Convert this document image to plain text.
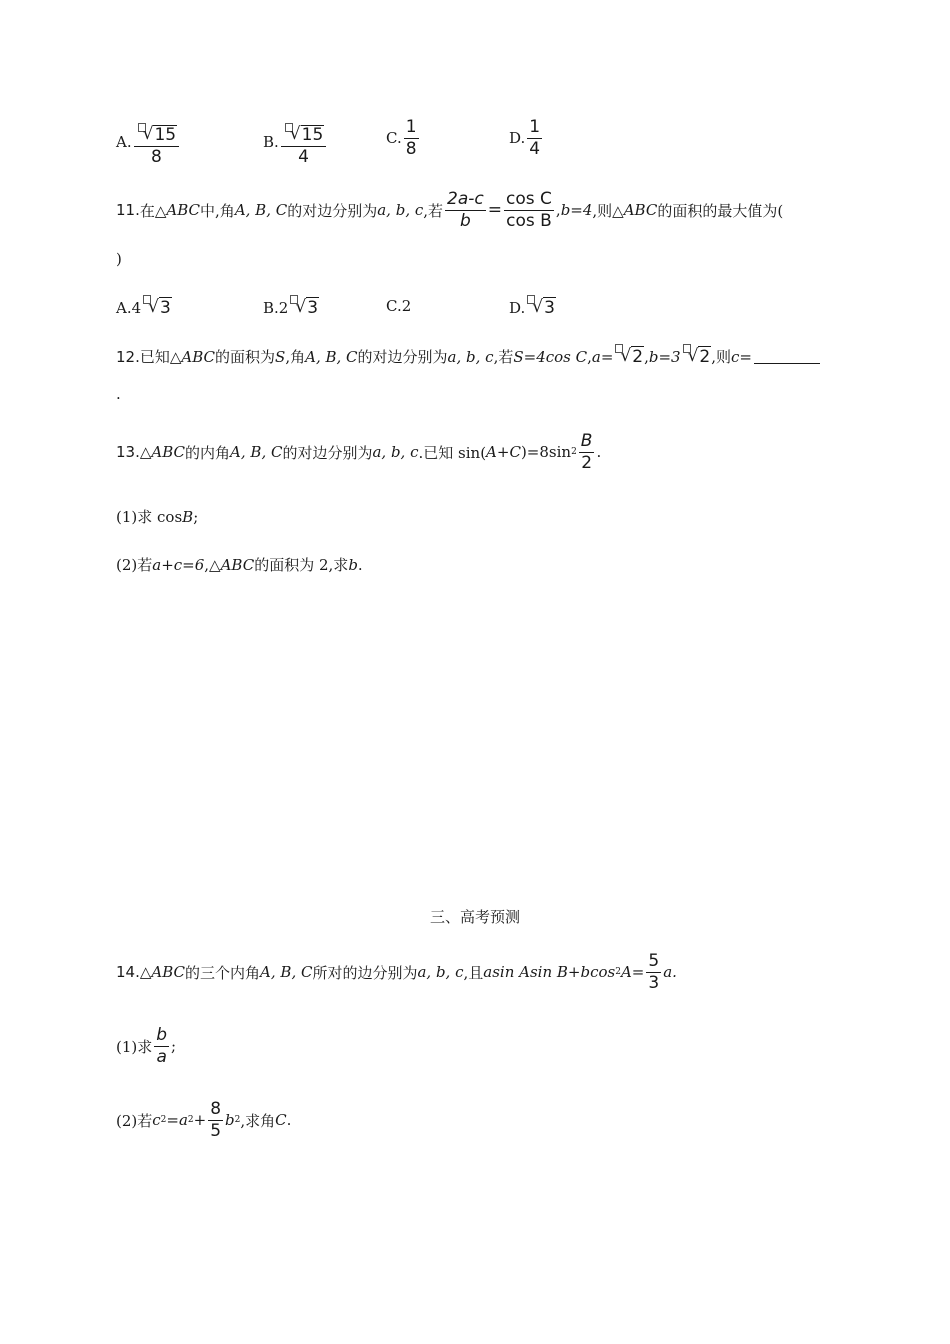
A. $\frac{√ 15}{8}$	B. $\frac{√ 15}{4}$	C. $\frac{1}{8}$	D. $\frac{1}{4}$
11. 在△ ABC 中,角 A, B, C 的对边分别为 a, b, c ,若 $\frac{2a-c}{b} = \frac{\text{cos C}}{\text{cos B}}$ , b=4 ,则△ ABC 的面积的最大值为(
)
A. 4 √ 3	B. 2 √ 3	C. 2	D. √ 3
12. 已知△ ABC 的面积为 S ,角 A, B, C 的对边分别为 a, b, c ,若 S=4cos C , a= √ 2 , b=3 √ 2 ,则 c=
.
13. △ ABC 的内角 A, B, C 的对边分别为 a, b, c .已知 sin( A+C )=8sin $2 \frac{B}{2}$ .
(1)求 cos B ;
(2)若 a+c=6 ,△ ABC 的面积为 2,求 b .
三、高考预测
14. △ ABC 的三个内角 A, B, C 所对的边分别为 a, b, c ,且 asin Asin B+bcos 2 $A= \frac{5}{3} a$.
(1)求 $\frac{b}{a}$ ;
(2)若 c 2 =a $2 + \frac{8}{5}$ b 2 ,求角 C .
